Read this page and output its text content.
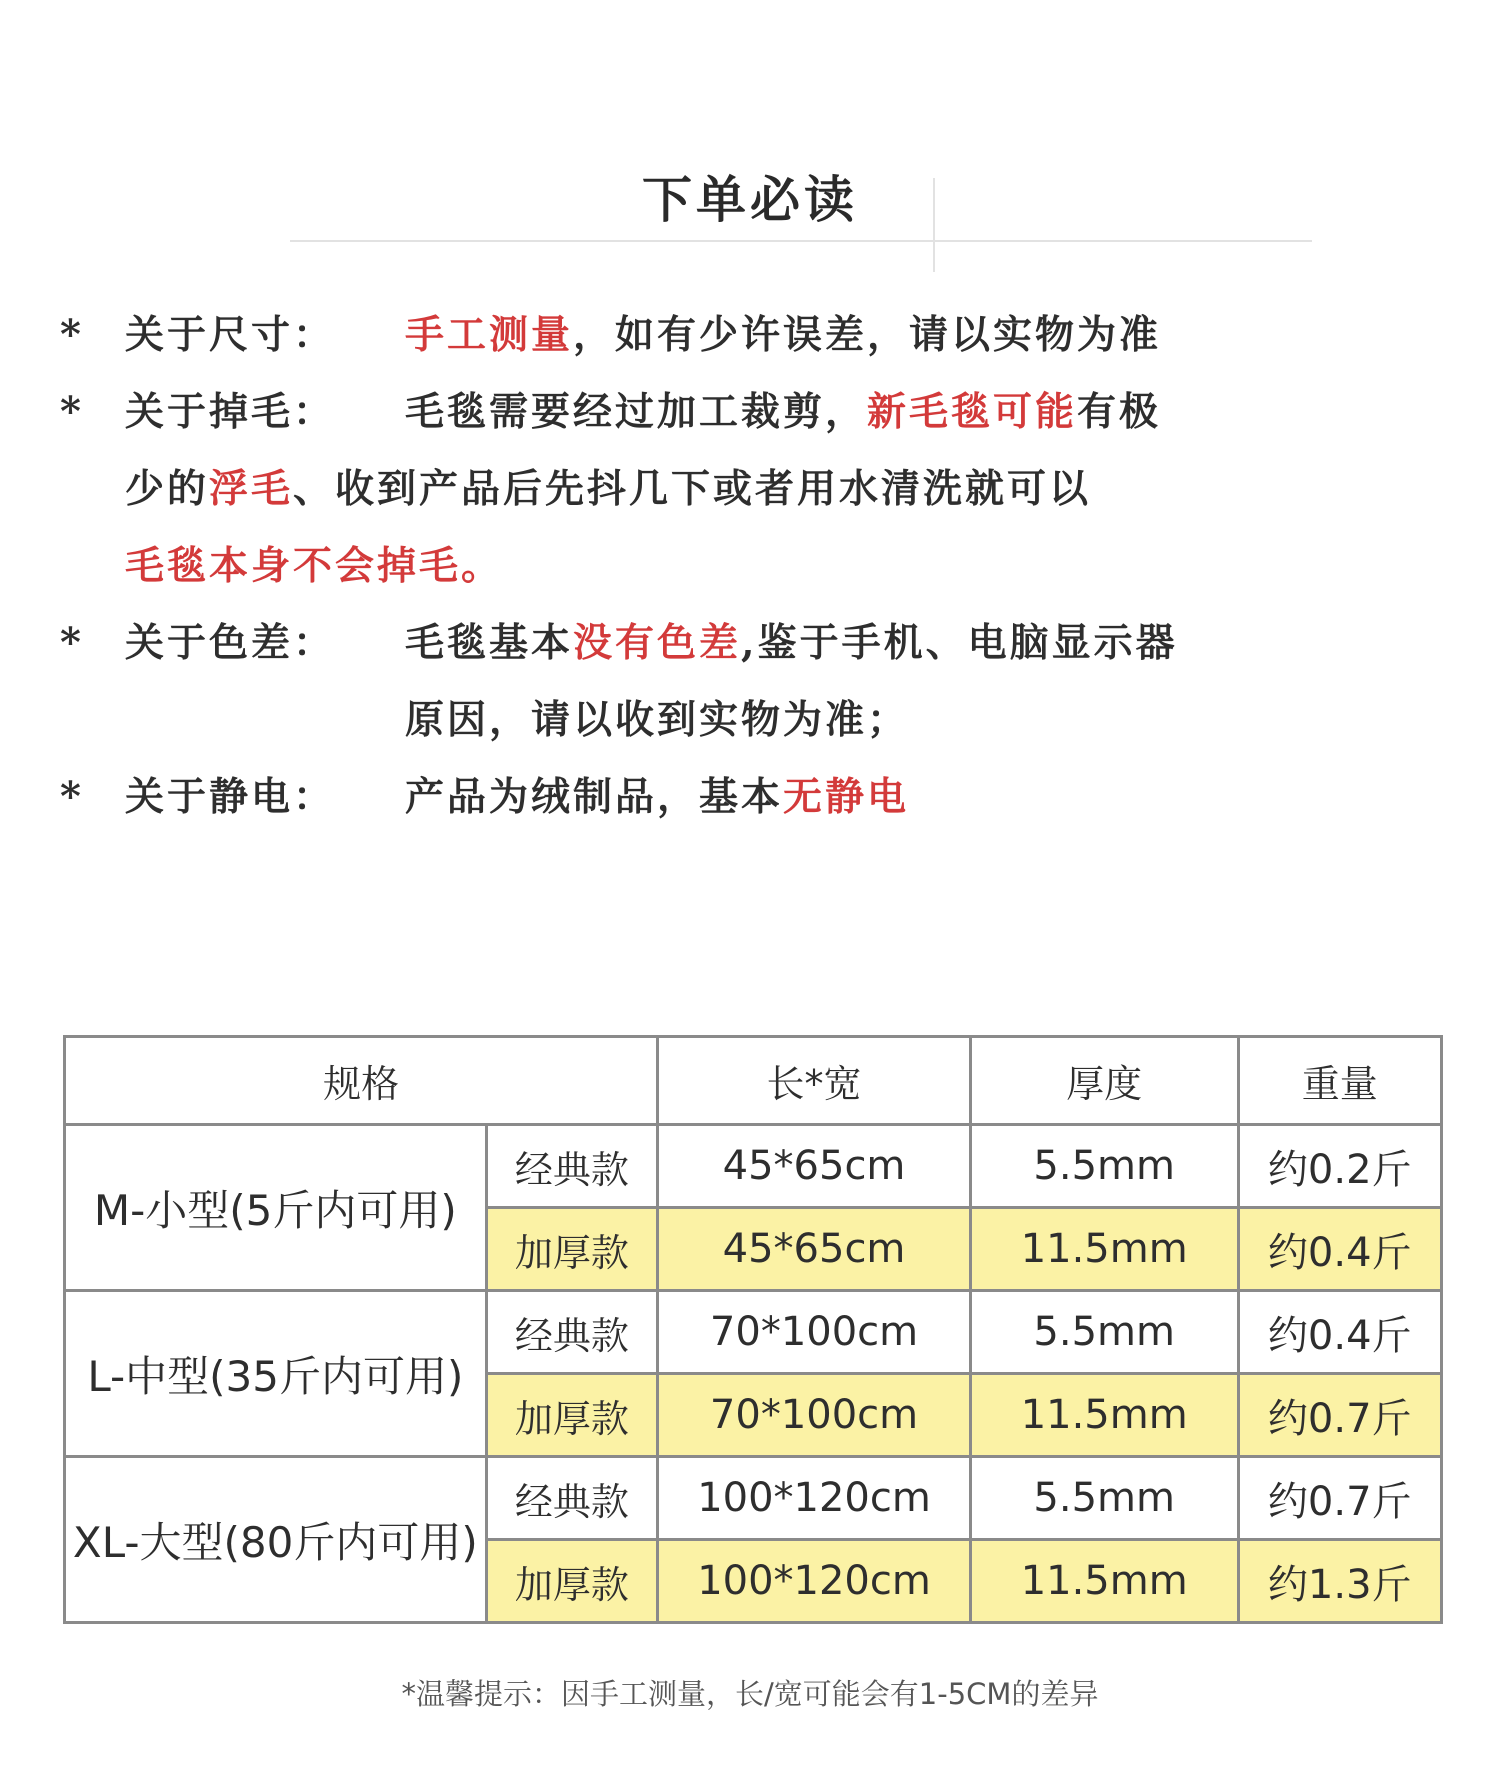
下单必读
*	关于尺寸： 手工测量，如有少许误差，请以实物为准
*	关于掉毛： 毛毯需要经过加工裁剪，新毛毯可能有极
少的浮毛、收到产品后先抖几下或者用水清洗就可以
毛毯本身不会掉毛。
*	关于色差： 毛毯基本没有色差,鉴于手机、电脑显示器
原因，请以收到实物为准；
*	关于静电： 产品为绒制品，基本无静电
规格		长*宽	厚度	重量
M-小型(5斤内可用)	经典款	45*65cm	5.5mm	约0.2斤
	加厚款	45*65cm	11.5mm	约0.4斤
L-中型(35斤内可用)	经典款	70*100cm	5.5mm	约0.4斤
	加厚款	70*100cm	11.5mm	约0.7斤
XL-大型(80斤内可用)	经典款	100*120cm	5.5mm	约0.7斤
	加厚款	100*120cm	11.5mm	约1.3斤
*温馨提示：因手工测量，长/宽可能会有1-5CM的差异
